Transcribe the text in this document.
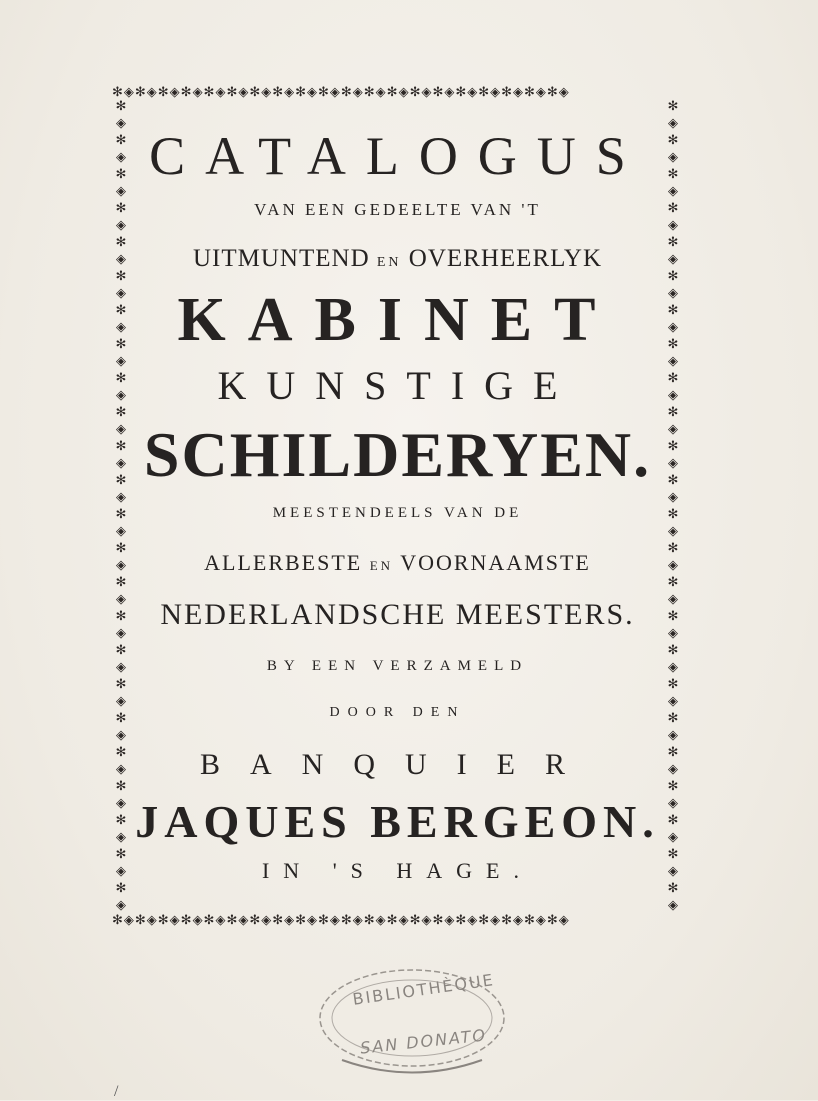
✻◈✻◈✻◈✻◈✻◈✻◈✻◈✻◈✻◈✻◈✻◈✻◈✻◈✻◈✻◈✻◈✻◈✻◈✻◈✻◈
✻◈✻◈✻◈✻◈✻◈✻◈✻◈✻◈✻◈✻◈✻◈✻◈✻◈✻◈✻◈✻◈✻◈✻◈✻◈✻◈
✻
◈
✻
◈
✻
◈
✻
◈
✻
◈
✻
◈
✻
◈
✻
◈
✻
◈
✻
◈
✻
◈
✻
◈
✻
◈
✻
◈
✻
◈
✻
◈
✻
◈
✻
◈
✻
◈
✻
◈
✻
◈
✻
◈
✻
◈
✻
◈
✻
◈
✻
◈
✻
◈
✻
◈
✻
◈
✻
◈
✻
◈
✻
◈
✻
◈
✻
◈
✻
◈
✻
◈
✻
◈
✻
◈
✻
◈
✻
◈
✻
◈
✻
◈
✻
◈
✻
◈
✻
◈
✻
◈
✻
◈
✻
◈
CATALOGUS
VAN EEN GEDEELTE VAN 'T
UITMUNTEND EN OVERHEERLYK
KABINET
KUNSTIGE
SCHILDERYEN.
MEESTENDEELS VAN DE
ALLERBESTE EN VOORNAAMSTE
NEDERLANDSCHE MEESTERS.
BY EEN VERZAMELD
DOOR DEN
BANQUIER
JAQUES BERGEON.
IN 'S HAGE.
BIBLIOTHÈQUE
SAN DONATO
/
